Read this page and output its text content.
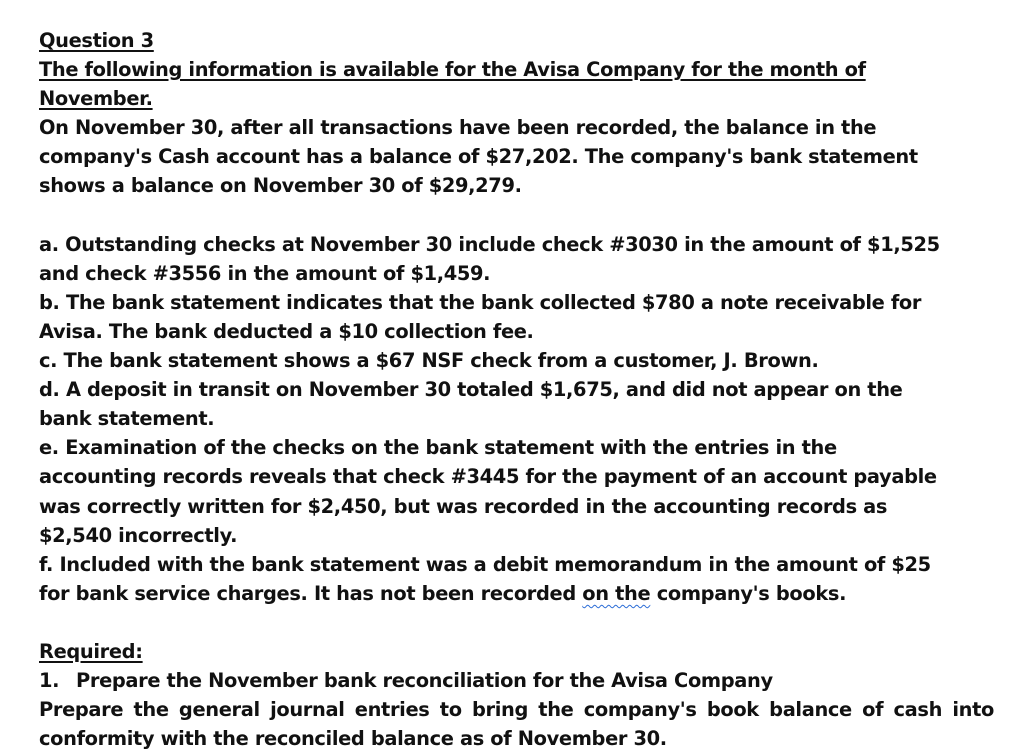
Question 3
The following information is available for the Avisa Company for the month of
November.
On November 30, after all transactions have been recorded, the balance in the
company's Cash account has a balance of $27,202. The company's bank statement
shows a balance on November 30 of $29,279.
a. Outstanding checks at November 30 include check #3030 in the amount of $1,525
and check #3556 in the amount of $1,459.
b. The bank statement indicates that the bank collected $780 a note receivable for
Avisa. The bank deducted a $10 collection fee.
c. The bank statement shows a $67 NSF check from a customer, J. Brown.
d. A deposit in transit on November 30 totaled $1,675, and did not appear on the
bank statement.
e. Examination of the checks on the bank statement with the entries in the
accounting records reveals that check #3445 for the payment of an account payable
was correctly written for $2,450, but was recorded in the accounting records as
$2,540 incorrectly.
f. Included with the bank statement was a debit memorandum in the amount of $25
for bank service charges. It has not been recorded on the company's books.
Required:
1. Prepare the November bank reconciliation for the Avisa Company
Prepare the general journal entries to bring the company's book balance of cash into
conformity with the reconciled balance as of November 30.
